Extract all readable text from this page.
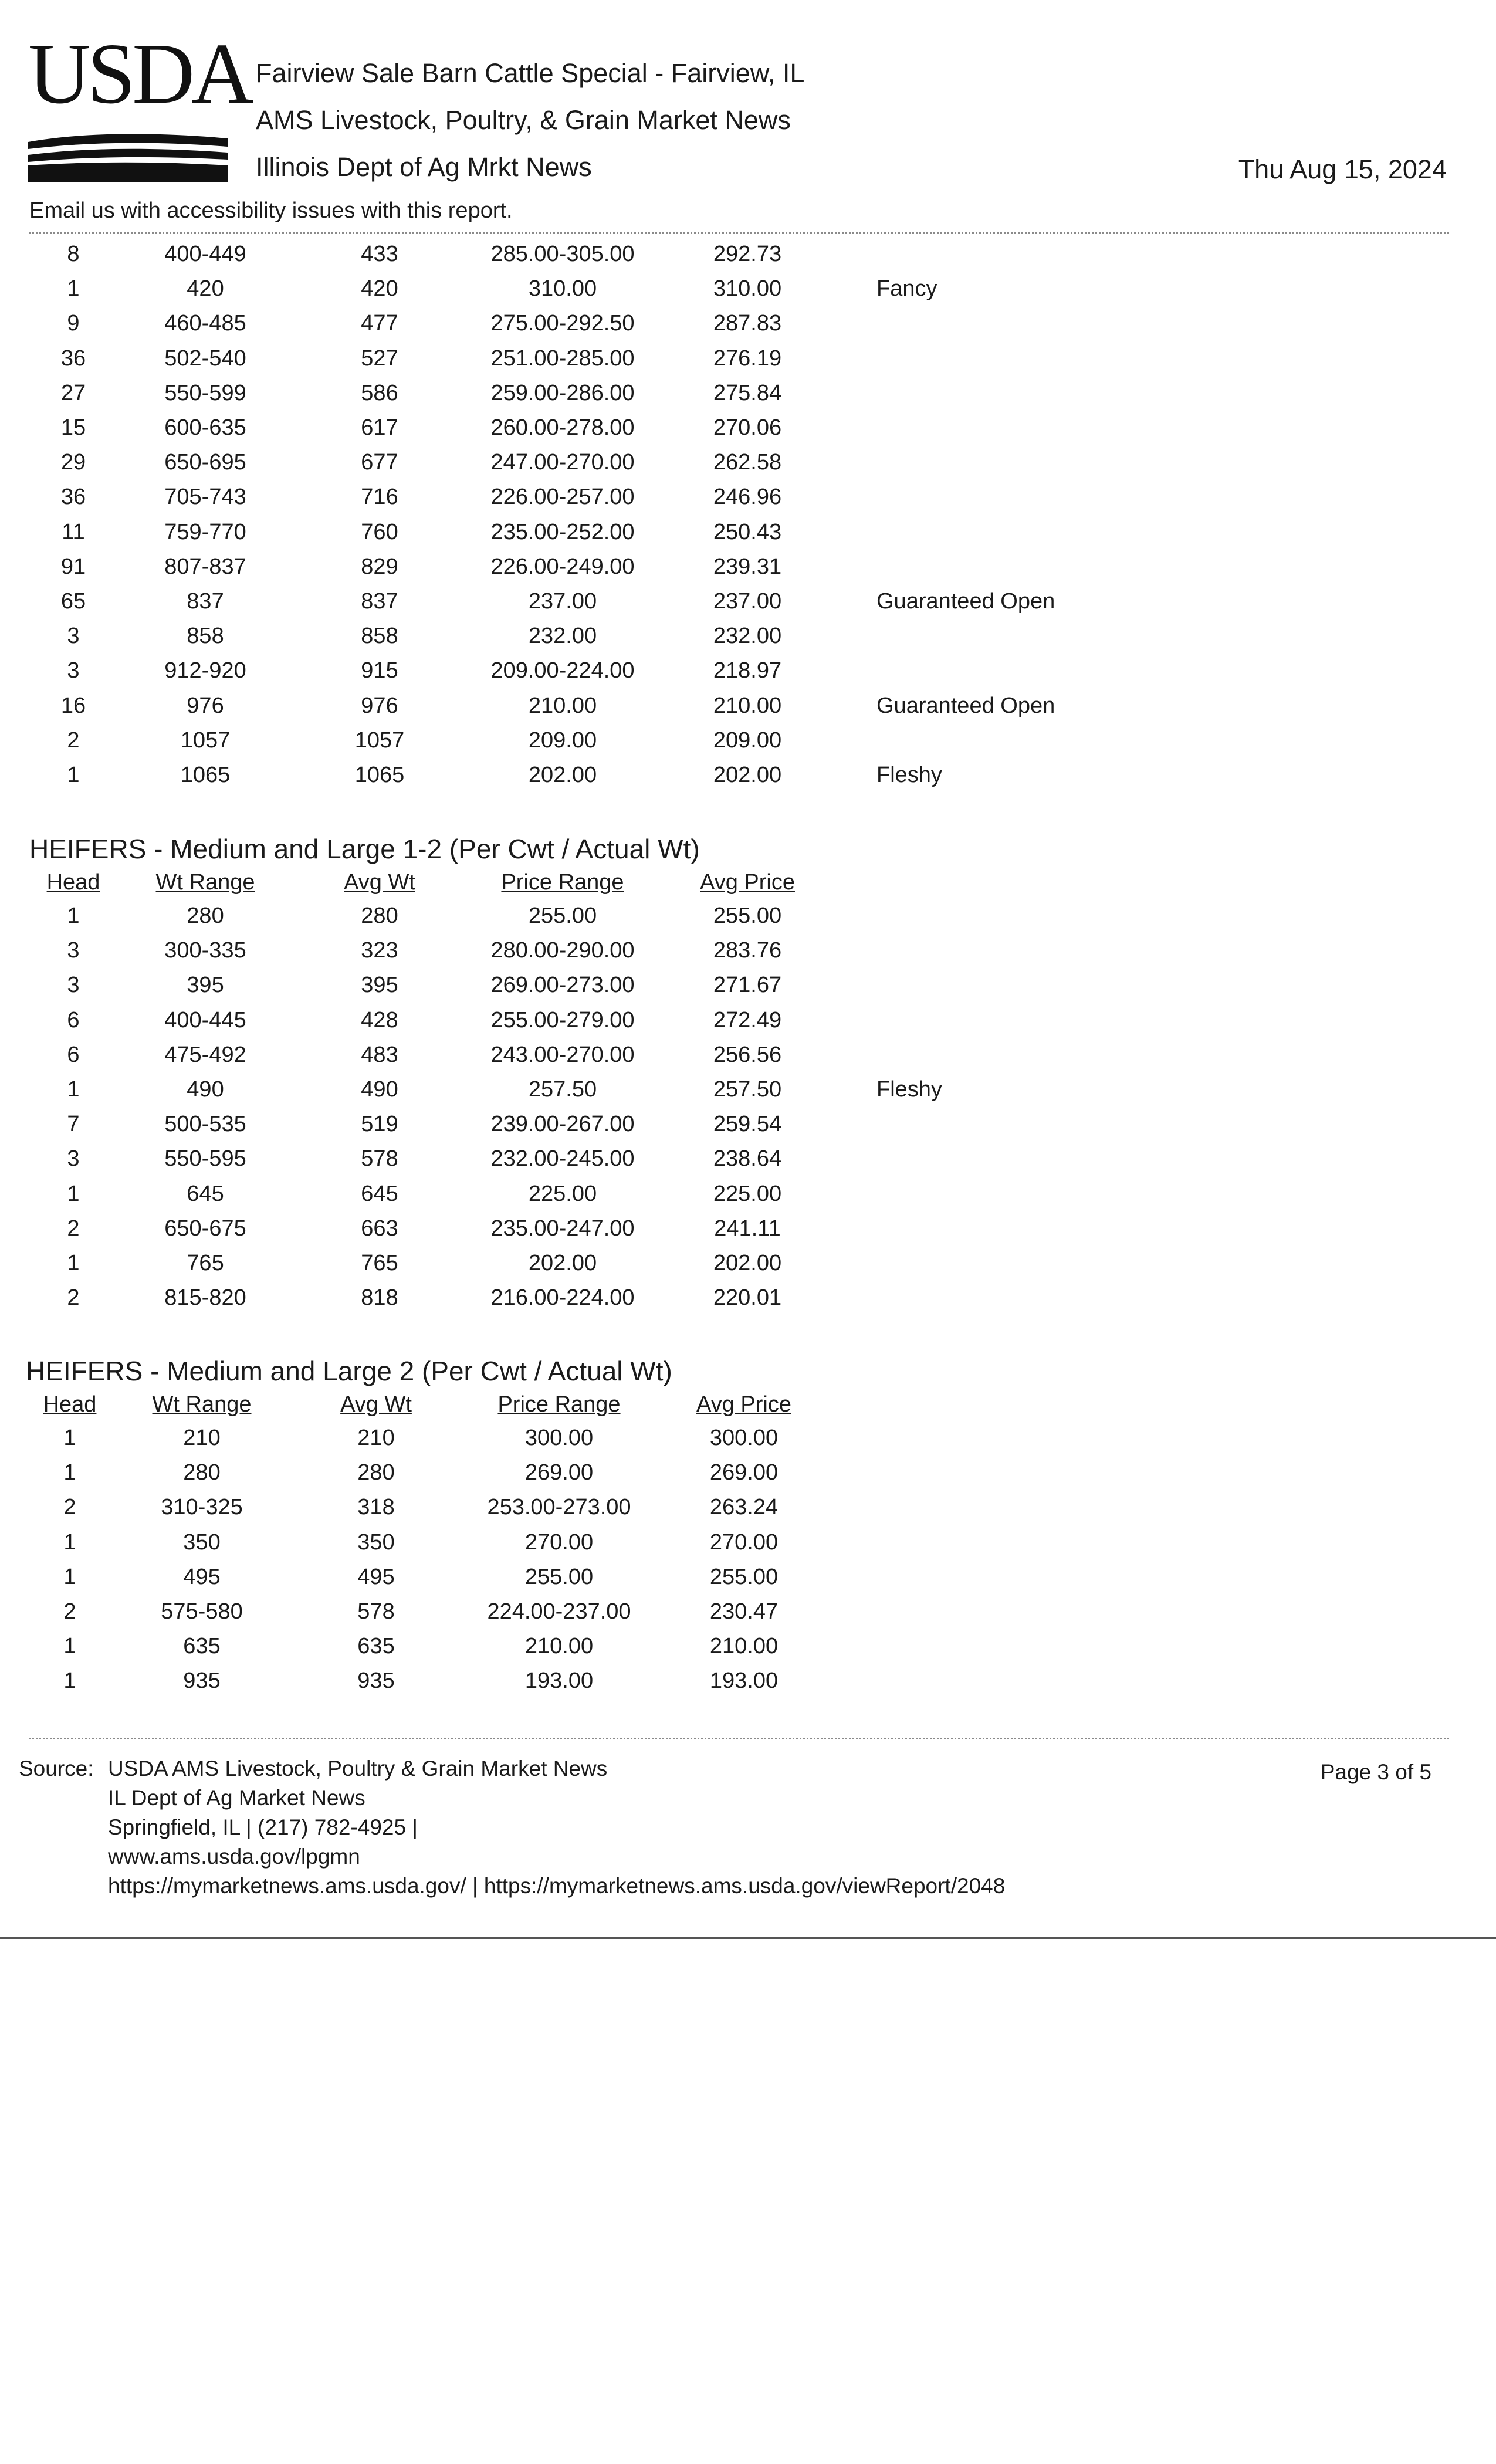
USDA Fairview Sale Barn Cattle Special - Fairview, IL
AMS Livestock, Poultry, & Grain Market News
Illinois Dept of Ag Mrkt News	Thu Aug 15, 2024
Email us with accessibility issues with this report.
8	400-449	433	285.00-305.00	292.73	
1	420	420	310.00	310.00	Fancy
9	460-485	477	275.00-292.50	287.83	
36	502-540	527	251.00-285.00	276.19	
27	550-599	586	259.00-286.00	275.84	
15	600-635	617	260.00-278.00	270.06	
29	650-695	677	247.00-270.00	262.58	
36	705-743	716	226.00-257.00	246.96	
11	759-770	760	235.00-252.00	250.43	
91	807-837	829	226.00-249.00	239.31	
65	837	837	237.00	237.00	Guaranteed Open
3	858	858	232.00	232.00	
3	912-920	915	209.00-224.00	218.97	
16	976	976	210.00	210.00	Guaranteed Open
2	1057	1057	209.00	209.00	
1	1065	1065	202.00	202.00	Fleshy
HEIFERS - Medium and Large 1-2 (Per Cwt / Actual Wt)
Head	Wt Range	Avg Wt	Price Range	Avg Price	
1	280	280	255.00	255.00	
3	300-335	323	280.00-290.00	283.76	
3	395	395	269.00-273.00	271.67	
6	400-445	428	255.00-279.00	272.49	
6	475-492	483	243.00-270.00	256.56	
1	490	490	257.50	257.50	Fleshy
7	500-535	519	239.00-267.00	259.54	
3	550-595	578	232.00-245.00	238.64	
1	645	645	225.00	225.00	
2	650-675	663	235.00-247.00	241.11	
1	765	765	202.00	202.00	
2	815-820	818	216.00-224.00	220.01	
HEIFERS - Medium and Large 2 (Per Cwt / Actual Wt)
Head	Wt Range	Avg Wt	Price Range	Avg Price	
1	210	210	300.00	300.00	
1	280	280	269.00	269.00	
2	310-325	318	253.00-273.00	263.24	
1	350	350	270.00	270.00	
1	495	495	255.00	255.00	
2	575-580	578	224.00-237.00	230.47	
1	635	635	210.00	210.00	
1	935	935	193.00	193.00	
Source: USDA AMS Livestock, Poultry & Grain Market News
IL Dept of Ag Market News
Springfield, IL | (217) 782-4925 |
www.ams.usda.gov/lpgmn
https://mymarketnews.ams.usda.gov/ | https://mymarketnews.ams.usda.gov/viewReport/2048
Page 3 of 5
